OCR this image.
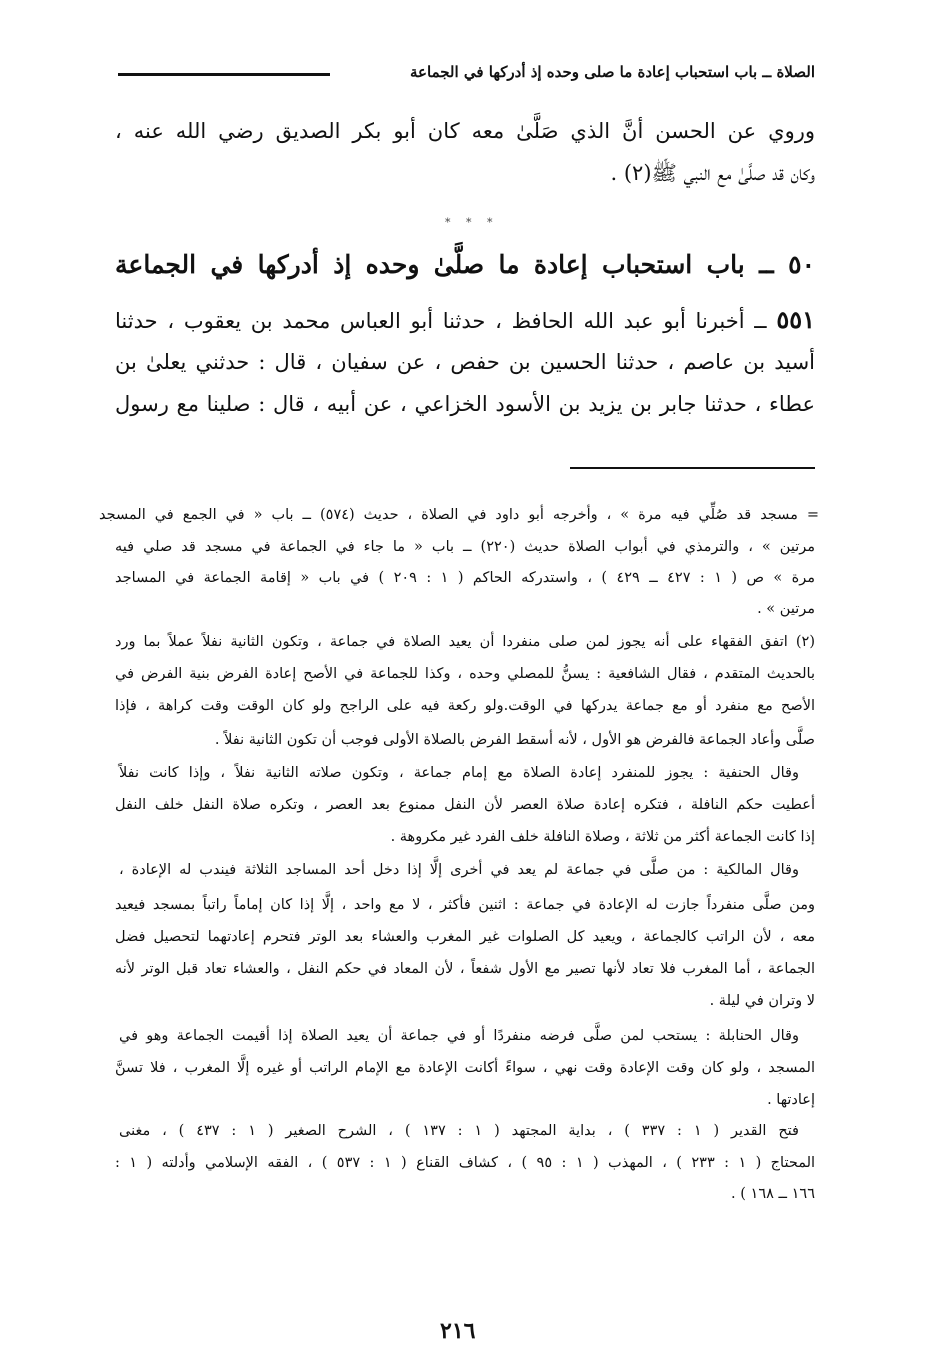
الصلاة ــ باب استحباب إعادة ما صلى وحده إذ أدركها في الجماعة
وروي عن الحسن أنَّ الذي صَلَّىٰ معه كان أبو بكر الصديق رضي الله عنه ،
وكان قد صلَّىٰ مع النبي ﷺ(٢) .
* * *
٥٠ ــ باب استحباب إعادة ما صلَّىٰ وحده إذ أدركها في الجماعة
٥٥١ ــ أخبرنا أبو عبد الله الحافظ ، حدثنا أبو العباس محمد بن يعقوب ، حدثنا
أسيد بن عاصم ، حدثنا الحسين بن حفص ، عن سفيان ، قال : حدثني يعلىٰ بن
عطاء ، حدثنا جابر بن يزيد بن الأسود الخزاعي ، عن أبيه ، قال : صلينا مع رسول
= مسجد قد صُلِّي فيه مرة » ، وأخرجه أبو داود في الصلاة ، حديث (٥٧٤) ــ باب « في الجمع في المسجد
مرتين » ، والترمذي في أبواب الصلاة حديث (٢٢٠) ــ باب « ما جاء في الجماعة في مسجد قد صلي فيه
مرة » ص ( ١ : ٤٢٧ ــ ٤٢٩ ) ، واستدركه الحاكم ( ١ : ٢٠٩ ) في باب « إقامة الجماعة في المساجد
مرتين » .
(٢) اتفق الفقهاء على أنه يجوز لمن صلى منفردا أن يعيد الصلاة في جماعة ، وتكون الثانية نفلاً عملاً بما ورد
بالحديث المتقدم ، فقال الشافعية : يسنُّ للمصلي وحده ، وكذا للجماعة في الأصح إعادة الفرض بنية الفرض في
الأصح مع منفرد أو مع جماعة يدركها في الوقت.ولو ركعة فيه على الراجح ولو كان الوقت وقت كراهة ، فإذا
صلَّى وأعاد الجماعة فالفرض هو الأول ، لأنه أسقط الفرض بالصلاة الأولى فوجب أن تكون الثانية نفلاً .
وقال الحنفية : يجوز للمنفرد إعادة الصلاة مع إمام جماعة ، وتكون صلاته الثانية نفلاً ، وإذا كانت نفلاً
أعطيت حكم النافلة ، فتكره إعادة صلاة العصر لأن النفل ممنوع بعد العصر ، وتكره صلاة النفل خلف النفل
إذا كانت الجماعة أكثر من ثلاثة ، وصلاة النافلة خلف الفرد غير مكروهة .
وقال المالكية : من صلَّى في جماعة لم يعد في أخرى إلَّا إذا دخل أحد المساجد الثلاثة فيندب له الإعادة ،
ومن صلَّى منفرداً جازت له الإعادة في جماعة : اثنين فأكثر ، لا مع واحد ، إلَّا إذا كان إماماً راتباً بمسجد فيعيد
معه ، لأن الراتب كالجماعة ، ويعيد كل الصلوات غير المغرب والعشاء بعد الوتر فتحرم إعادتهما لتحصيل فضل
الجماعة ، أما المغرب فلا تعاد لأنها تصير مع الأول شفعاً ، لأن المعاد في حكم النفل ، والعشاء تعاد قبل الوتر لأنه
لا وتران في ليلة .
وقال الحنابلة : يستحب لمن صلَّى فرضه منفردًا أو في جماعة أن يعيد الصلاة إذا أقيمت الجماعة وهو في
المسجد ، ولو كان وقت الإعادة وقت نهي ، سواءً أكانت الإعادة مع الإمام الراتب أو غيره إلَّا المغرب ، فلا تسنَّ
إعادتها .
فتح القدير ( ١ : ٣٣٧ ) ، بداية المجتهد ( ١ : ١٣٧ ) ، الشرح الصغير ( ١ : ٤٣٧ ) ، مغنى
المحتاج ( ١ : ٢٣٣ ) ، المهذب ( ١ : ٩٥ ) ، كشاف القناع ( ١ : ٥٣٧ ) ، الفقه الإسلامي وأدلته ( ١ :
١٦٦ ــ ١٦٨ ) .
٢١٦
